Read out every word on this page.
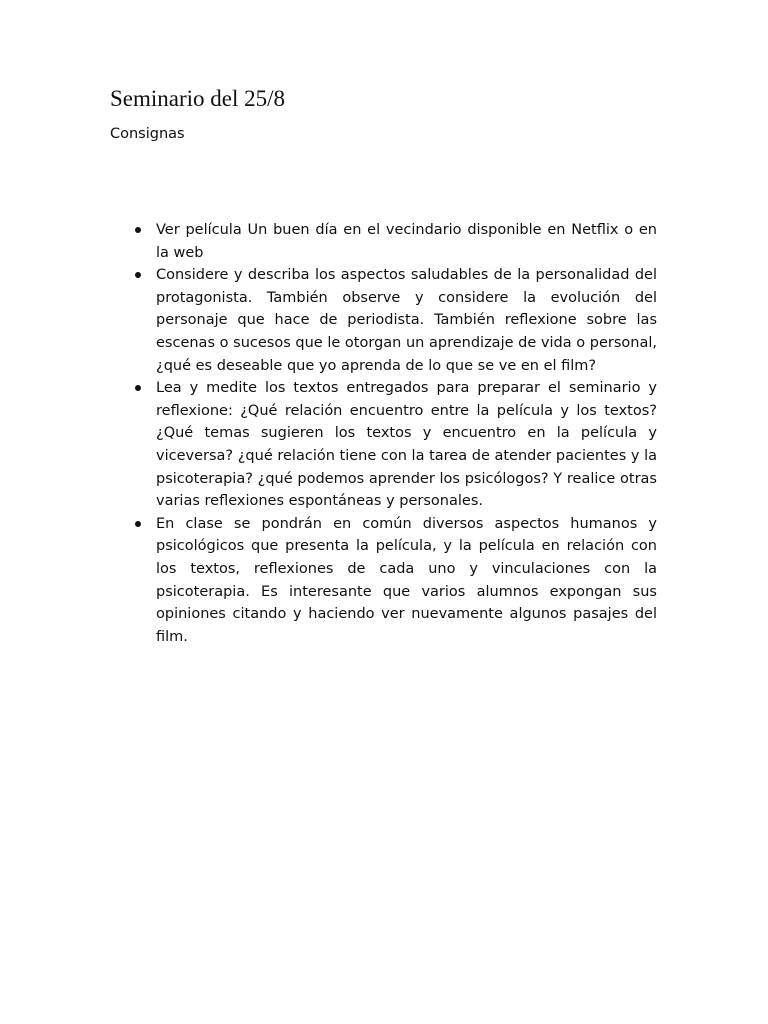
Seminario del 25/8

Consignas

Ver película Un buen día en el vecindario disponible en Netflix o en la web
Considere y describa los aspectos saludables de la personalidad del protagonista. También observe y considere la evolución del personaje que hace de periodista. También reflexione sobre las escenas o sucesos que le otorgan un aprendizaje de vida o personal, ¿qué es deseable que yo aprenda de lo que se ve en el film?
Lea y medite los textos entregados para preparar el seminario y reflexione: ¿Qué relación encuentro entre la película y los textos? ¿Qué temas sugieren los textos y encuentro en la película y viceversa? ¿qué relación tiene con la tarea de atender pacientes y la psicoterapia? ¿qué podemos aprender los psicólogos? Y realice otras varias reflexiones espontáneas y personales.
En clase se pondrán en común diversos aspectos humanos y psicológicos que presenta la película, y la película en relación con los textos, reflexiones de cada uno y vinculaciones con la psicoterapia. Es interesante que varios alumnos expongan sus opiniones citando y haciendo ver nuevamente algunos pasajes del film.
